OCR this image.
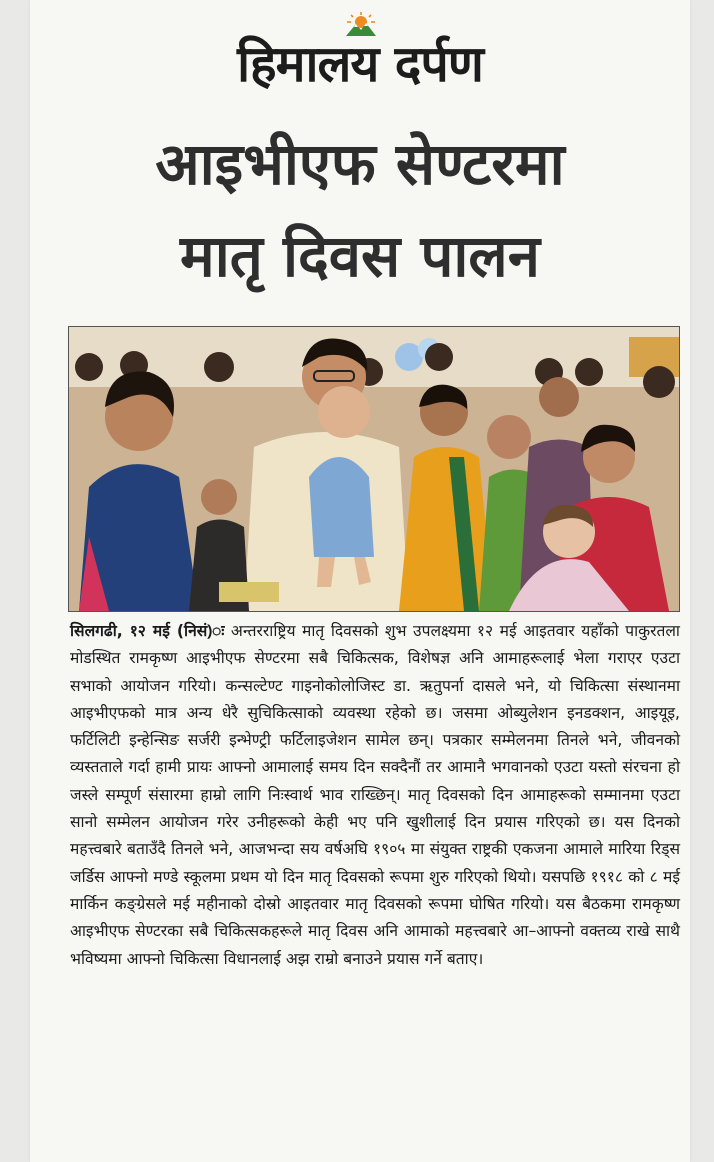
हिमालय दर्पण
आइभीएफ सेण्टरमा
मातृ दिवस पालन
सिलगढी, १२ मई (निसं)ः अन्तरराष्ट्रिय मातृ दिवसको शुभ उपलक्ष्यमा १२ मई आइतवार यहाँको पाकुरतला मोडस्थित रामकृष्ण आइभीएफ सेण्टरमा सबै चिकित्सक, विशेषज्ञ अनि आमाहरूलाई भेला गराएर एउटा सभाको आयोजन गरियो। कन्सल्टेण्ट गाइनोकोलोजिस्ट डा. ऋतुपर्ना दासले भने, यो चिकित्सा संस्थानमा आइभीएफको मात्र अन्य धेरै सुचिकित्साको व्यवस्था रहेको छ। जसमा ओब्युलेशन इनडक्शन, आइयूइ, फर्टिलिटी इन्हेन्सिङ सर्जरी इन्भेण्ट्री फर्टिलाइजेशन सामेल छन्। पत्रकार सम्मेलनमा तिनले भने, जीवनको व्यस्तताले गर्दा हामी प्रायः आफ्नो आमालाई समय दिन सक्दैनौं तर आमानै भगवानको एउटा यस्तो संरचना हो जस्ले सम्पूर्ण संसारमा हाम्रो लागि निःस्वार्थ भाव राख्छिन्। मातृ दिवसको दिन आमाहरूको सम्मानमा एउटा सानो सम्मेलन आयोजन गरेर उनीहरूको केही भए पनि खुशीलाई दिन प्रयास गरिएको छ। यस दिनको महत्त्वबारे बताउँदै तिनले भने, आजभन्दा सय वर्षअघि १९०५ मा संयुक्त राष्ट्रकी एकजना आमाले मारिया रिड्स जर्डिस आफ्नो मण्डे स्कूलमा प्रथम यो दिन मातृ दिवसको रूपमा शुरु गरिएको थियो। यसपछि १९१८ को ८ मई मार्किन कङ्ग्रेसले मई महीनाको दोस्रो आइतवार मातृ दिवसको रूपमा घोषित गरियो। यस बैठकमा रामकृष्ण आइभीएफ सेण्टरका सबै चिकित्सकहरूले मातृ दिवस अनि आमाको महत्त्वबारे आ–आफ्नो वक्तव्य राखे साथै भविष्यमा आफ्नो चिकित्सा विधानलाई अझ राम्रो बनाउने प्रयास गर्ने बताए।
